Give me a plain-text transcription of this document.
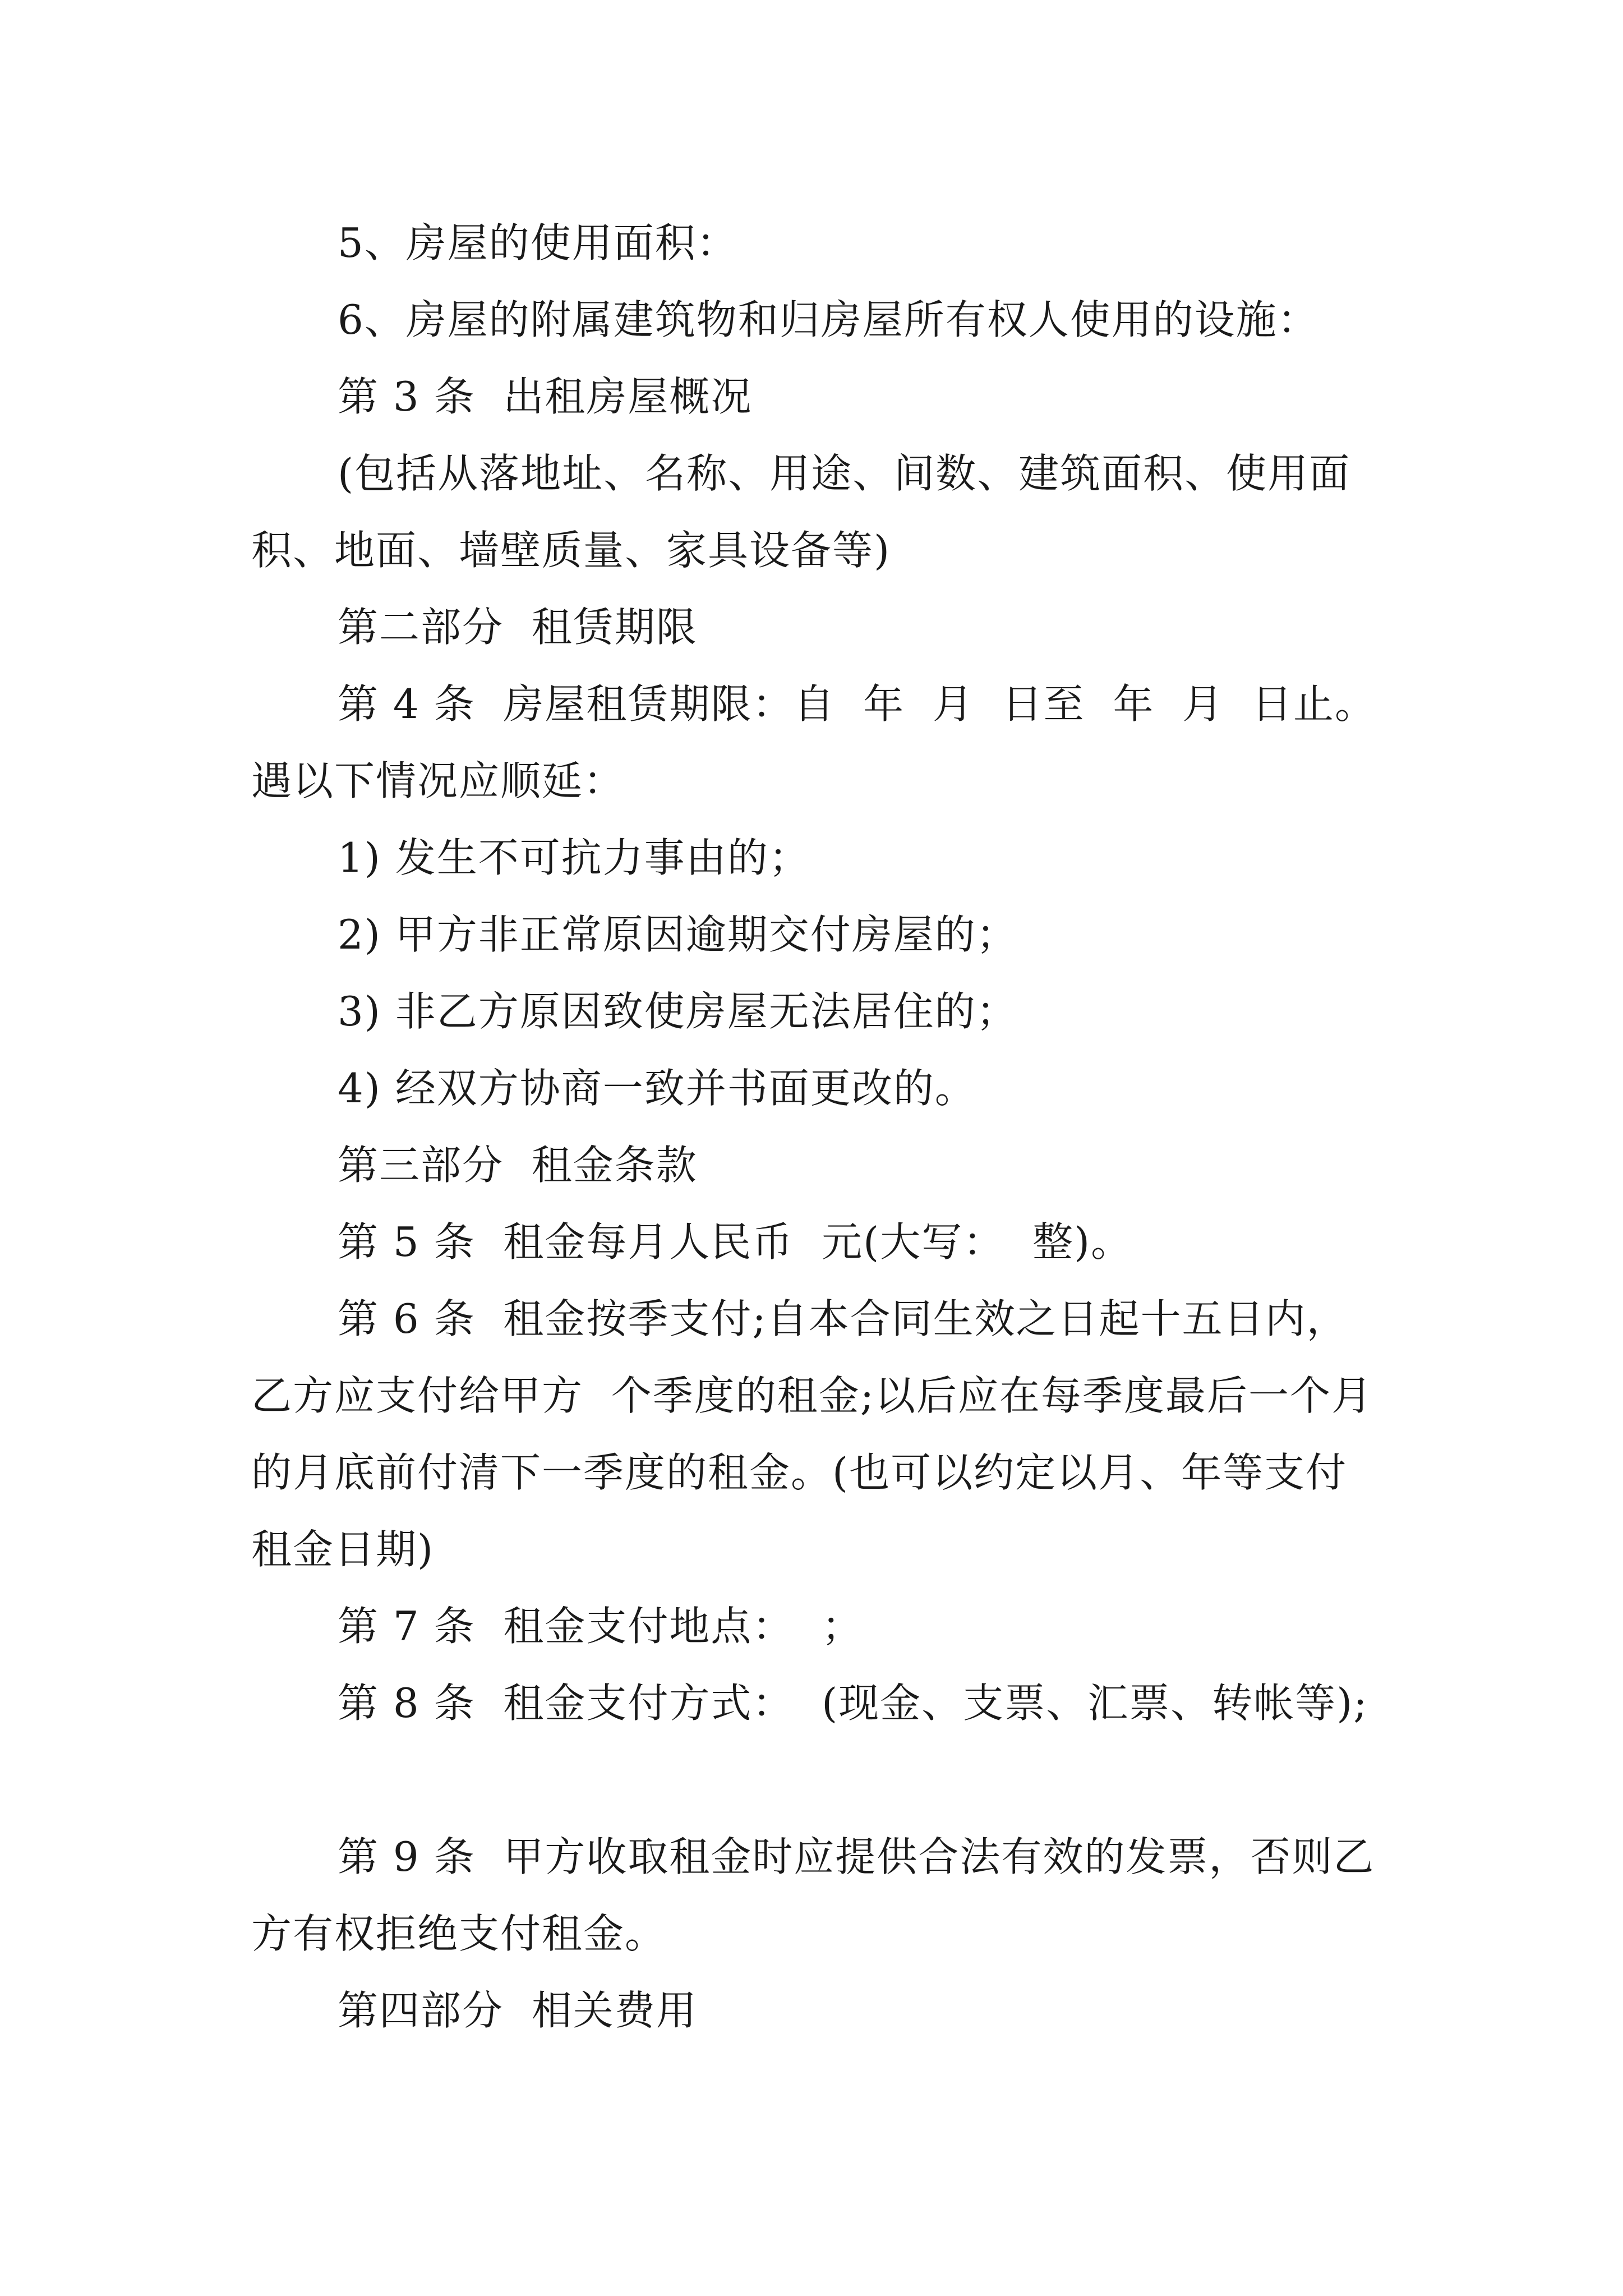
5、房屋的使用面积：

6、房屋的附属建筑物和归房屋所有权人使用的设施：

第 3 条  出租房屋概况

(包括从落地址、名称、用途、间数、建筑面积、使用面积、地面、墙壁质量、家具设备等)

第二部分  租赁期限

第 4 条  房屋租赁期限：自  年  月  日至  年  月  日止。遇以下情况应顺延：

1) 发生不可抗力事由的；

2) 甲方非正常原因逾期交付房屋的；

3) 非乙方原因致使房屋无法居住的；

4) 经双方协商一致并书面更改的。

第三部分  租金条款

第 5 条  租金每月人民币  元(大写：  整)。

第 6 条  租金按季支付;自本合同生效之日起十五日内，乙方应支付给甲方  个季度的租金;以后应在每季度最后一个月的月底前付清下一季度的租金。(也可以约定以月、年等支付租金日期)

第 7 条  租金支付地点：  ；

第 8 条  租金支付方式：  (现金、支票、汇票、转帐等);

第 9 条  甲方收取租金时应提供合法有效的发票，否则乙方有权拒绝支付租金。

第四部分  相关费用
